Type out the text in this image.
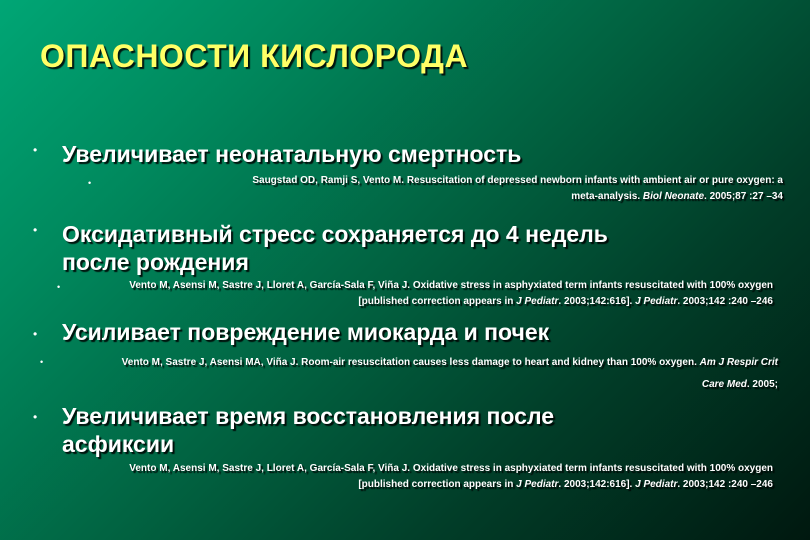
ОПАСНОСТИ КИСЛОРОДА
• Увеличивает неонатальную смертность
•	Saugstad OD, Ramji S, Vento M. Resuscitation of depressed newborn infants with ambient air or pure oxygen: a
meta-analysis. Biol Neonate. 2005;87 :27 –34
• Оксидативный стресс сохраняется до 4 недель
после рождения
•	Vento M, Asensi M, Sastre J, Lloret A, García-Sala F, Viña J. Oxidative stress in asphyxiated term infants resuscitated with 100% oxygen
[published correction appears in J Pediatr. 2003;142:616]. J Pediatr. 2003;142 :240 –246
• Усиливает повреждение миокарда и почек
•	Vento M, Sastre J, Asensi MA, Viña J. Room-air resuscitation causes less damage to heart and kidney than 100% oxygen. Am J Respir Crit
Care Med. 2005;
• Увеличивает время восстановления после
асфиксии
Vento M, Asensi M, Sastre J, Lloret A, García-Sala F, Viña J. Oxidative stress in asphyxiated term infants resuscitated with 100% oxygen
[published correction appears in J Pediatr. 2003;142:616]. J Pediatr. 2003;142 :240 –246
